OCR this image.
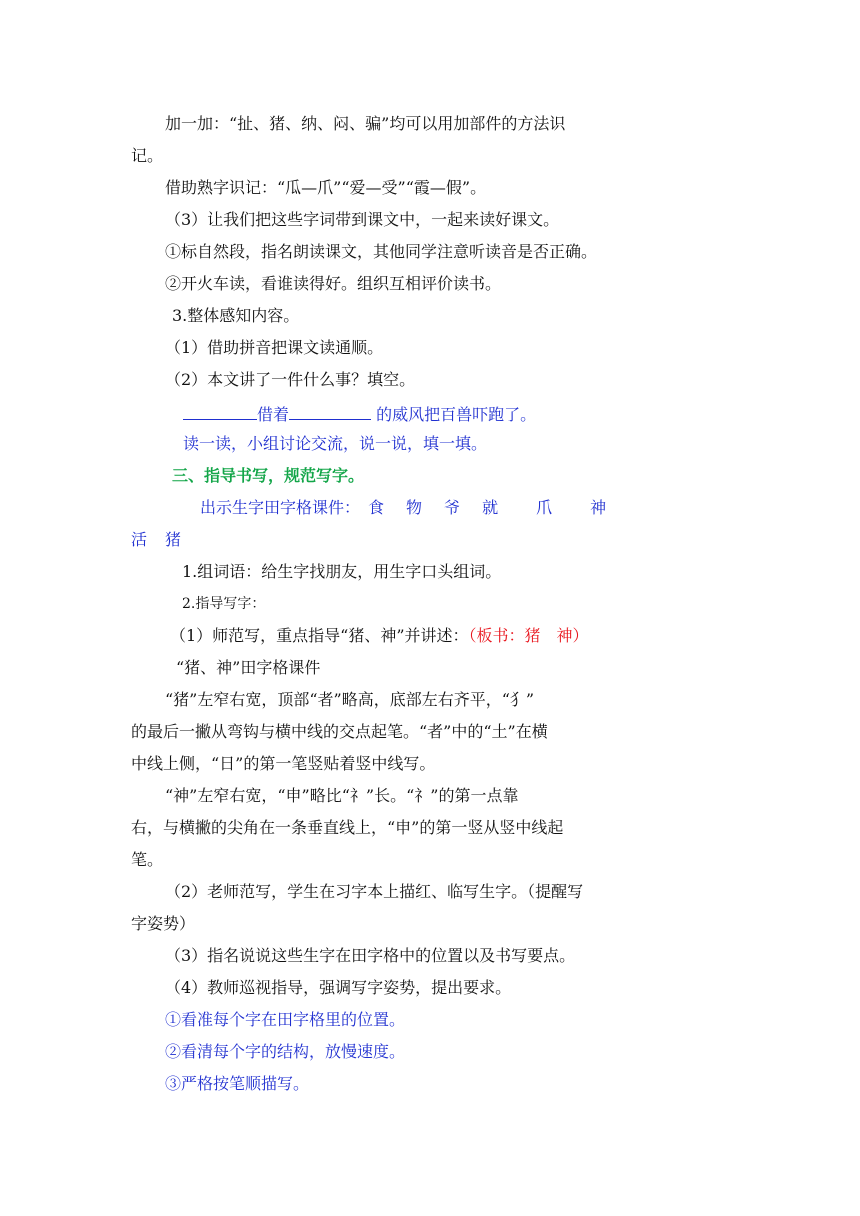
加一加：“扯、猪、纳、闷、骗”均可以用加部件的方法识
记。
借助熟字识记：“瓜—爪”“爱—受”“霞—假”。
（3）让我们把这些字词带到课文中，一起来读好课文。
①标自然段，指名朗读课文，其他同学注意听读音是否正确。
②开火车读，看谁读得好。组织互相评价读书。
3.整体感知内容。
（1）借助拼音把课文读通顺。
（2）本文讲了一件什么事？填空。
借着	的威风把百兽吓跑了。
读一读，小组讨论交流，说一说，填一填。
三、指导书写，规范写字。
出示生字田字格课件： 食 物 爷 就 爪 神
活 猪
1.组词语：给生字找朋友，用生字口头组词。
2.指导写字：
（1）师范写，重点指导“猪、神”并讲述：（板书：猪　神）
“猪、神”田字格课件
“猪”左窄右宽，顶部“者”略高，底部左右齐平，“犭”
的最后一撇从弯钩与横中线的交点起笔。“者”中的“土”在横
中线上侧，“日”的第一笔竖贴着竖中线写。
“神”左窄右宽，“申”略比“礻”长。“礻”的第一点靠
右，与横撇的尖角在一条垂直线上，“申”的第一竖从竖中线起
笔。
（2）老师范写，学生在习字本上描红、临写生字。（提醒写
字姿势）
（3）指名说说这些生字在田字格中的位置以及书写要点。
（4）教师巡视指导，强调写字姿势，提出要求。
①看准每个字在田字格里的位置。
②看清每个字的结构，放慢速度。
③严格按笔顺描写。
